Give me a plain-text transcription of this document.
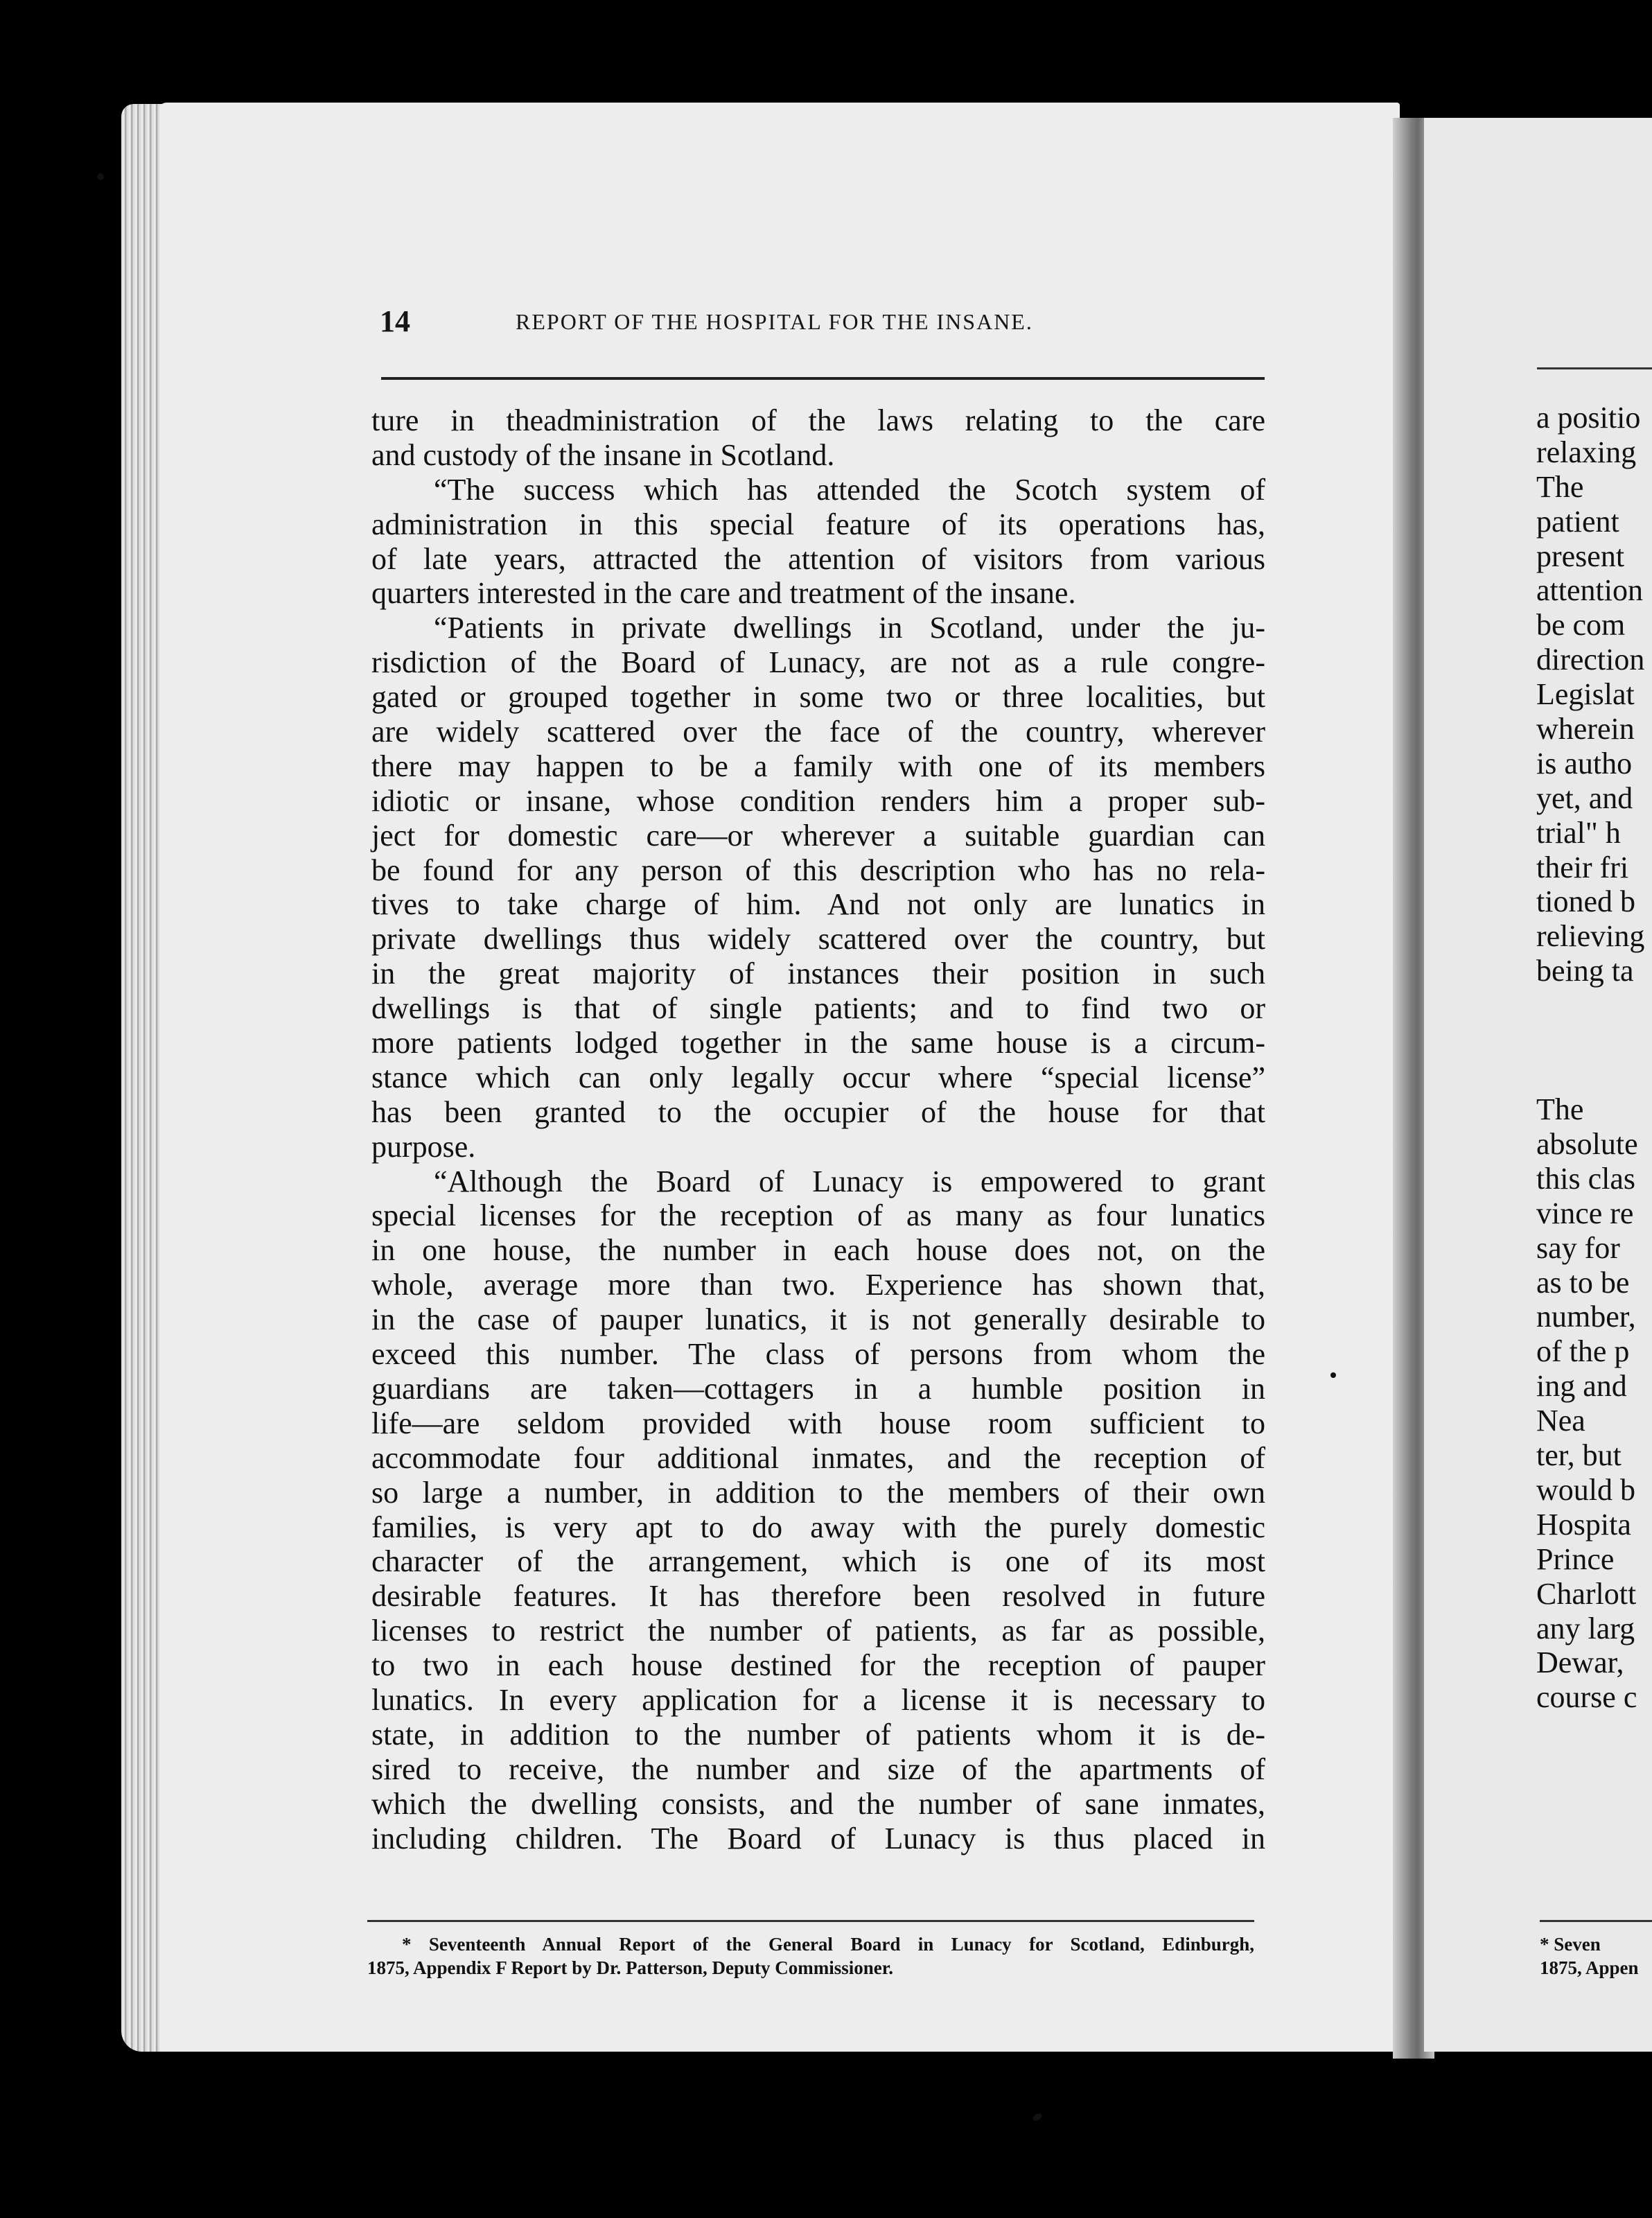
14	REPORT OF THE HOSPITAL FOR THE INSANE.
ture in theadministration of the laws relating to the care
and custody of the insane in Scotland.
“The success which has attended the Scotch system of
administration in this special feature of its operations has,
of late years, attracted the attention of visitors from various
quarters interested in the care and treatment of the insane.
“Patients in private dwellings in Scotland, under the ju-
risdiction of the Board of Lunacy, are not as a rule congre-
gated or grouped together in some two or three localities, but
are widely scattered over the face of the country, wherever
there may happen to be a family with one of its members
idiotic or insane, whose condition renders him a proper sub-
ject for domestic care—or wherever a suitable guardian can
be found for any person of this description who has no rela-
tives to take charge of him. And not only are lunatics in
private dwellings thus widely scattered over the country, but
in the great majority of instances their position in such
dwellings is that of single patients; and to find two or
more patients lodged together in the same house is a circum-
stance which can only legally occur where “special license”
has been granted to the occupier of the house for that
purpose.
“Although the Board of Lunacy is empowered to grant
special licenses for the reception of as many as four lunatics
in one house, the number in each house does not, on the
whole, average more than two. Experience has shown that,
in the case of pauper lunatics, it is not generally desirable to
exceed this number. The class of persons from whom the
guardians are taken—cottagers in a humble position in
life—are seldom provided with house room sufficient to
accommodate four additional inmates, and the reception of
so large a number, in addition to the members of their own
families, is very apt to do away with the purely domestic
character of the arrangement, which is one of its most
desirable features. It has therefore been resolved in future
licenses to restrict the number of patients, as far as possible,
to two in each house destined for the reception of pauper
lunatics. In every application for a license it is necessary to
state, in addition to the number of patients whom it is de-
sired to receive, the number and size of the apartments of
which the dwelling consists, and the number of sane inmates,
including children. The Board of Lunacy is thus placed in
* Seventeenth Annual Report of the General Board in Lunacy for Scotland, Edinburgh,
1875, Appendix F Report by Dr. Patterson, Deputy Commissioner.
a positio
relaxing
The
patient
present
attention
be com
direction
Legislat
wherein
is autho
yet, and
trial" h
their fri
tioned b
relieving
being ta
The
absolute
this clas
vince re
say for
as to be
number,
of the p
ing and
Nea
ter, but
would b
Hospita
Prince
Charlott
any larg
Dewar,
course c
* Seven
1875, Appen
